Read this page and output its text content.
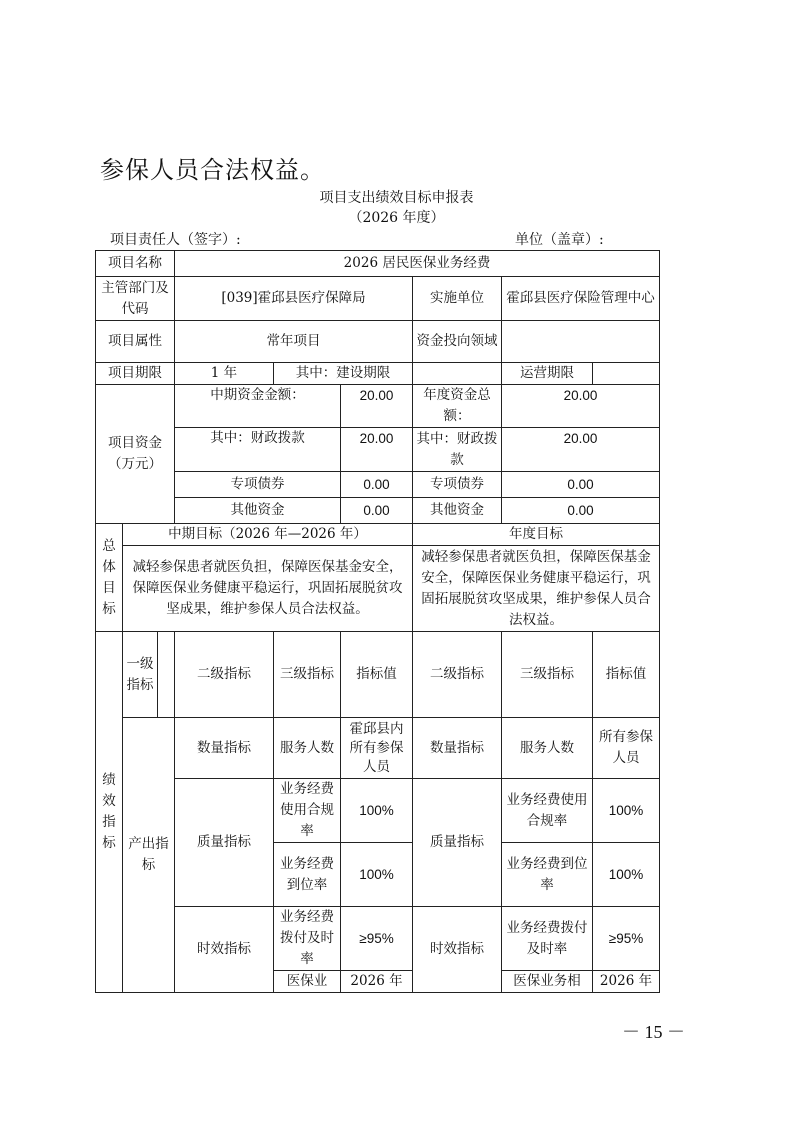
参保人员合法权益。
项目支出绩效目标申报表
（2026 年度）
项目责任人（签字）:	单位（盖章）:
项目名称			2026 居民医保业务经费					
主管部门及代码			[039]霍邱县医疗保障局			实施单位	霍邱县医疗保险管理中心	
项目属性			常年项目			资金投向领域		
项目期限			1 年	其中：建设期限			运营期限	
项目资金（万元）			中期资金金额：		20.00	年度资金总额：	20.00	
			其中：财政拨款		20.00	其中：财政拨款	20.00	
			专项债券		0.00	专项债券	0.00	
			其他资金		0.00	其他资金	0.00	
总体目标	中期目标（2026 年—2026 年）					年度目标		
	减轻参保患者就医负担，保障医保基金安全，保障医保业务健康平稳运行，巩固拓展脱贫攻坚成果，维护参保人员合法权益。					减轻参保患者就医负担，保障医保基金安全，保障医保业务健康平稳运行，巩固拓展脱贫攻坚成果，维护参保人员合法权益。		
绩效指标	一级指标		二级指标	三级指标	指标值	二级指标	三级指标	指标值
	产出指标		数量指标	服务人数	霍邱县内所有参保人员	数量指标	服务人数	所有参保人员
			质量指标	业务经费使用合规率	100%	质量指标	业务经费使用合规率	100%
				业务经费到位率	100%		业务经费到位率	100%
			时效指标	业务经费拨付及时率	≥95%	时效指标	业务经费拨付及时率	≥95%
				医保业	2026 年		医保业务相	2026 年
－ 15 －
